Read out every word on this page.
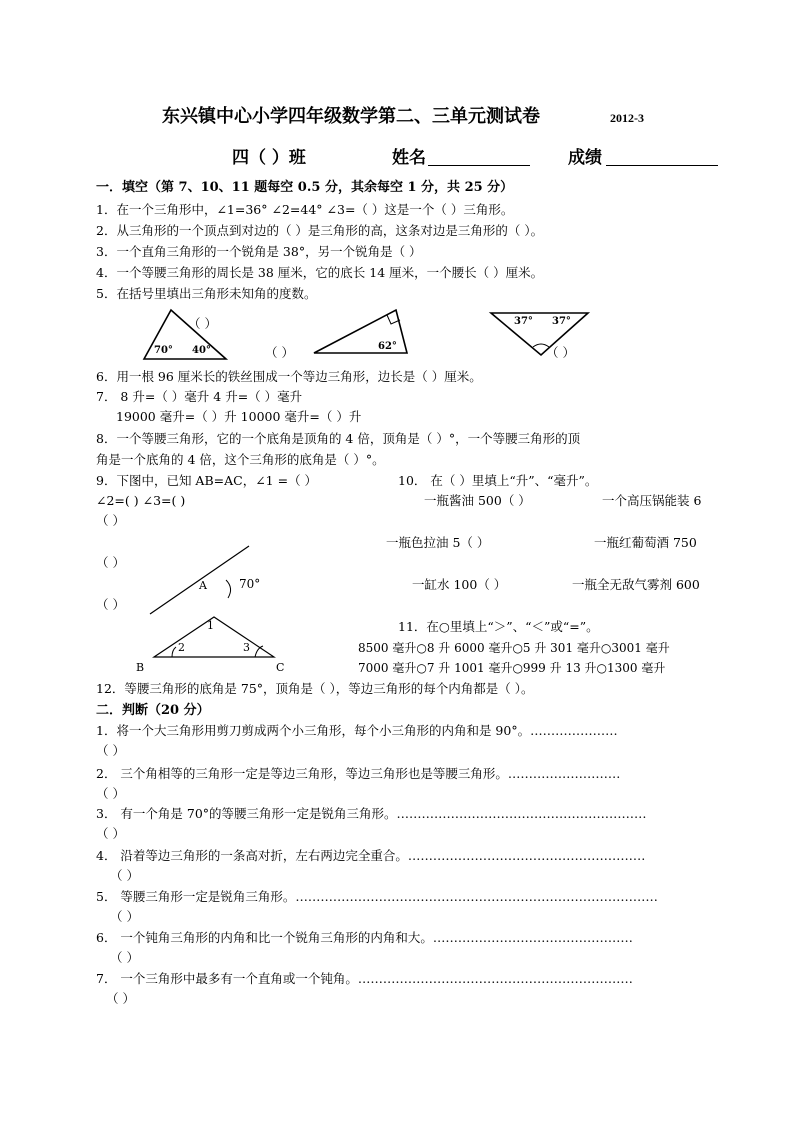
东兴镇中心小学四年级数学第二、三单元测试卷	2012-3
四（ ）班	姓名	成绩
一．填空（第 7、10、11 题每空 0.5 分，其余每空 1 分，共 25 分）
1．在一个三角形中，∠1=36° ∠2=44° ∠3=（ ）这是一个（ ）三角形。
2．从三角形的一个顶点到对边的（ ）是三角形的高，这条对边是三角形的（ ）。
3．一个直角三角形的一个锐角是 38°，另一个锐角是（ ）
4．一个等腰三角形的周长是 38 厘米，它的底长 14 厘米，一个腰长（ ）厘米。
5．在括号里填出三角形未知角的度数。
70° 40°
（ ）
62°
（ ）
37° 37°
（ ）
6．用一根 96 厘米长的铁丝围成一个等边三角形，边长是（ ）厘米。
7． 8 升=（ ）毫升 4 升=（ ）毫升
19000 毫升=（ ）升 10000 毫升=（ ）升
8．一个等腰三角形，它的一个底角是顶角的 4 倍，顶角是（ ）°，一个等腰三角形的顶
角是一个底角的 4 倍，这个三角形的底角是（ ）°。
9．下图中，已知 AB=AC，∠1 =（ ）
∠2=( ) ∠3=( )
10． 在（ ）里填上“升”、“毫升”。
一瓶酱油 500（ ）	一个高压锅能装 6
（ ）
一瓶色拉油 5（ ）	一瓶红葡萄酒 750
（ ）
一缸水 100（ ）	一瓶全无敌气雾剂 600
（ ）
A	70°
1
2	3
B	C
11．在○里填上“＞”、“＜”或“=”。
8500 毫升○8 升 6000 毫升○5 升 301 毫升○3001 毫升
7000 毫升○7 升 1001 毫升○999 升 13 升○1300 毫升
12．等腰三角形的底角是 75°，顶角是（ ），等边三角形的每个内角都是（ ）。
二．判断（20 分）
1．将一个大三角形用剪刀剪成两个小三角形，每个小三角形的内角和是 90°。…………………
（ ）
2． 三个角相等的三角形一定是等边三角形，等边三角形也是等腰三角形。………………………
（ ）
3． 有一个角是 70°的等腰三角形一定是锐角三角形。……………………………………………………
（ ）
4． 沿着等边三角形的一条高对折，左右两边完全重合。…………………………………………………
（ ）
5． 等腰三角形一定是锐角三角形。……………………………………………………………………………
（ ）
6． 一个钝角三角形的内角和比一个锐角三角形的内角和大。…………………………………………
（ ）
7． 一个三角形中最多有一个直角或一个钝角。…………………………………………………………
（ ）
